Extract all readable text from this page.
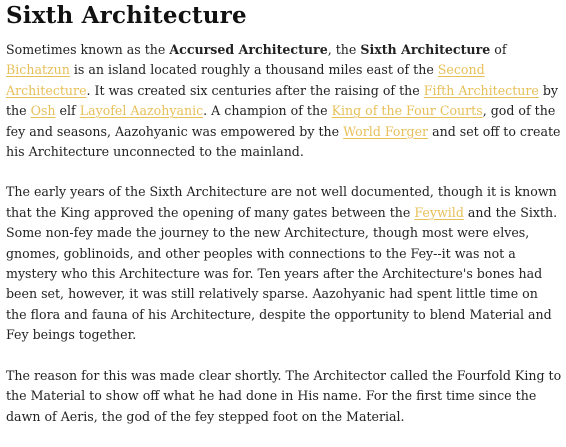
Sixth Architecture

Sometimes known as the Accursed Architecture, the Sixth Architecture of Bichatzun is an island located roughly a thousand miles east of the Second Architecture. It was created six centuries after the raising of the Fifth Architecture by the Osh elf Layofel Aazohyanic. A champion of the King of the Four Courts, god of the fey and seasons, Aazohyanic was empowered by the World Forger and set off to create his Architecture unconnected to the mainland.

The early years of the Sixth Architecture are not well documented, though it is known that the King approved the opening of many gates between the Feywild and the Sixth. Some non-fey made the journey to the new Architecture, though most were elves, gnomes, goblinoids, and other peoples with connections to the Fey--it was not a mystery who this Architecture was for. Ten years after the Architecture's bones had been set, however, it was still relatively sparse. Aazohyanic had spent little time on the flora and fauna of his Architecture, despite the opportunity to blend Material and Fey beings together.

The reason for this was made clear shortly. The Architector called the Fourfold King to the Material to show off what he had done in His name. For the first time since the dawn of Aeris, the god of the fey stepped foot on the Material.
